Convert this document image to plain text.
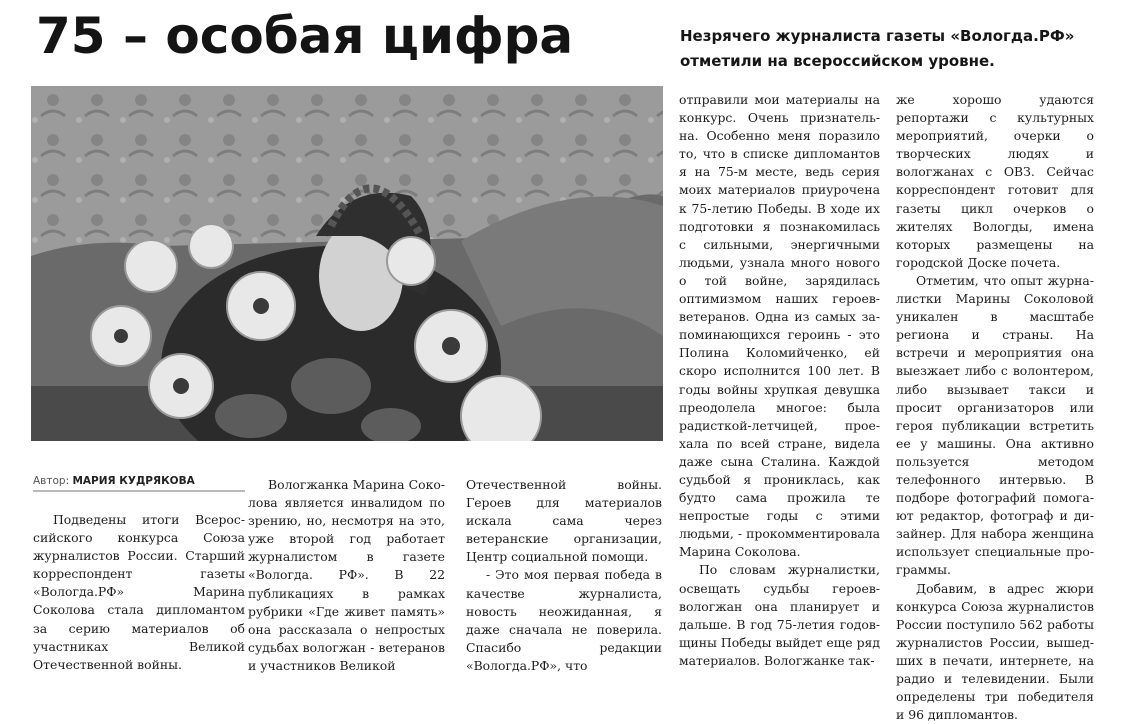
75 – особая цифра	Незрячего журналиста газеты «Вологда.РФ» отметили на всероссийском уровне.
Автор: МАРИЯ КУДРЯКОВА

Подведены итоги Всероссийского конкурса Союза журналистов России. Старший корреспондент газеты «Вологда.РФ» Марина Соколова стала дипломантом за серию материалов об участниках Великой Отечественной войны.

Вологжанка Марина Соколова является инвалидом по зрению, но, несмотря на это, уже второй год работает журналистом в газете «Вологда. РФ». В 22 публикациях в рамках рубрики «Где живет память» она рассказала о непростых судьбах вологжан - ветеранов и участников Великой

Отечественной войны. Героев для материалов искала сама через ветеранские организации, Центр социальной помощи.

- Это моя первая победа в качестве журналиста, новость неожиданная, я даже сначала не поверила. Спасибо редакции «Вологда.РФ», что

отправили мои материалы на конкурс. Очень признательна. Особенно меня поразило то, что в списке дипломантов я на 75-м месте, ведь серия моих материалов приурочена к 75-летию Победы. В ходе их подготовки я познакомилась с сильными, энергичными людьми, узнала много нового о той войне, зарядилась оптимизмом наших героев-ветеранов. Одна из самых запоминающихся героинь - это Полина Коломийченко, ей скоро исполнится 100 лет. В годы войны хрупкая девушка преодолела многое: была радисткой-летчицей, проехала по всей стране, видела даже сына Сталина. Каждой судьбой я прониклась, как будто сама прожила те непростые годы с этими людьми, - прокомментировала Марина Соколова.

По словам журналистки, освещать судьбы героев-вологжан она планирует и дальше. В год 75-летия годовщины Победы выйдет еще ряд материалов. Вологжанке так-

же хорошо удаются репортажи с культурных мероприятий, очерки о творческих людях и вологжанах с ОВЗ. Сейчас корреспондент готовит для газеты цикл очерков о жителях Вологды, имена которых размещены на городской Доске почета.

Отметим, что опыт журналистки Марины Соколовой уникален в масштабе региона и страны. На встречи и мероприятия она выезжает либо с волонтером, либо вызывает такси и просит организаторов или героя публикации встретить ее у машины. Она активно пользуется методом телефонного интервью. В подборе фотографий помогают редактор, фотограф и дизайнер. Для набора женщина использует специальные программы.

Добавим, в адрес жюри конкурса Союза журналистов России поступило 562 работы журналистов России, вышедших в печати, интернете, на радио и телевидении. Были определены три победителя и 96 дипломантов.
